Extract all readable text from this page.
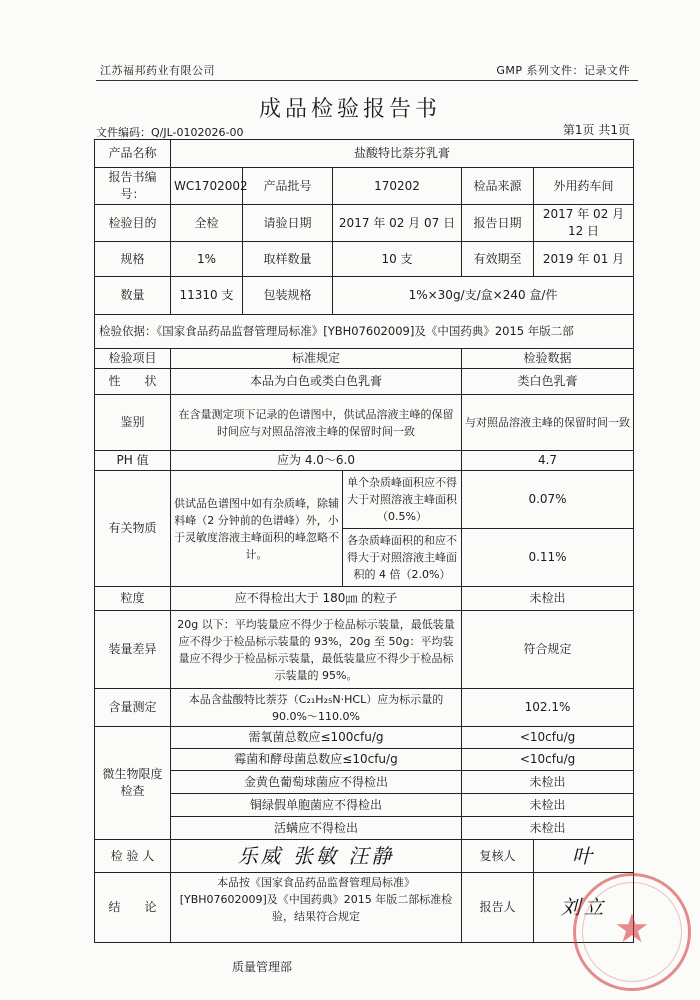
江苏福邦药业有限公司	GMP 系列文件：记录文件
成品检验报告书
文件编码：Q/JL-0102026-00	第1页 共1页
产品名称	盐酸特比萘芬乳膏					
报告书编号：	WC1702002	产品批号	170202		检品来源	外用药车间
检验目的	全检	请验日期	2017 年 02 月 07 日		报告日期	2017 年 02 月 12 日
规格	1%	取样数量	10 支		有效期至	2019 年 01 月
数量	11310 支	包装规格	1%×30g/支/盒×240 盒/件			
检验依据：《国家食品药品监督管理局标准》[YBH07602009]及《中国药典》2015 年版二部						
检验项目	标准规定				检验数据	
性　　状	本品为白色或类白色乳膏				类白色乳膏	
鉴别	在含量测定项下记录的色谱图中，供试品溶液主峰的保留时间应与对照品溶液主峰的保留时间一致				与对照品溶液主峰的保留时间一致	
PH 值	应为 4.0～6.0				4.7	
有关物质	供试品色谱图中如有杂质峰，除辅料峰（2 分钟前的色谱峰）外，小于灵敏度溶液主峰面积的峰忽略不计。			单个杂质峰面积应不得大于对照溶液主峰面积（0.5%）	0.07%	
				各杂质峰面积的和应不得大于对照溶液主峰面积的 4 倍（2.0%）	0.11%	
粒度	应不得检出大于 180㎛ 的粒子				未检出	
装量差异	20g 以下：平均装量应不得少于检品标示装量，最低装量应不得少于检品标示装量的 93%，20g 至 50g：平均装量应不得少于检品标示装量，最低装量应不得少于检品标示装量的 95%。				符合规定	
含量测定	本品含盐酸特比萘芬（C₂₁H₂₅N·HCL）应为标示量的 90.0%～110.0%				102.1%	
微生物限度检查	需氧菌总数应≤100cfu/g				<10cfu/g	
	霉菌和酵母菌总数应≤10cfu/g				<10cfu/g	
	金黄色葡萄球菌应不得检出				未检出	
	铜绿假单胞菌应不得检出				未检出	
	活螨应不得检出				未检出	
检 验 人	乐威 张敏 汪静				复核人	叶
结　　论	本品按《国家食品药品监督管理局标准》[YBH07602009]及《中国药典》2015 年版二部标准检验，结果符合规定				报告人	刘立
质量管理部
★
